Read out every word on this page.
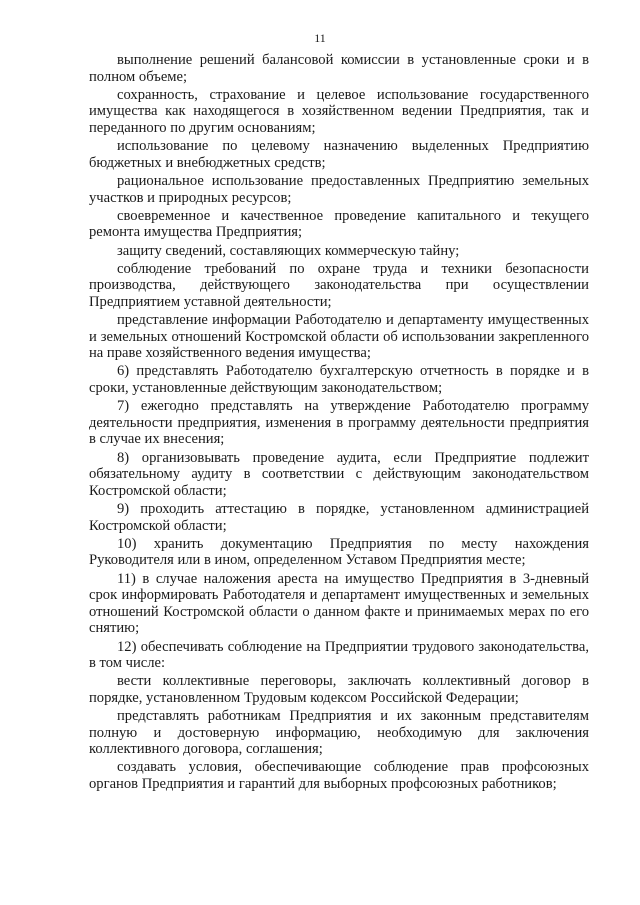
11

выполнение решений балансовой комиссии в установленные сроки и в полном объеме;

сохранность, страхование и целевое использование государственного имущества как находящегося в хозяйственном ведении Предприятия, так и переданного по другим основаниям;

использование по целевому назначению выделенных Предприятию бюджетных и внебюджетных средств;

рациональное использование предоставленных Предприятию земельных участков и природных ресурсов;

своевременное и качественное проведение капитального и текущего ремонта имущества Предприятия;

защиту сведений, составляющих коммерческую тайну;

соблюдение требований по охране труда и техники безопасности производства, действующего законодательства при осуществлении Предприятием уставной деятельности;

представление информации Работодателю и департаменту имущественных и земельных отношений Костромской области об использовании закрепленного на праве хозяйственного ведения имущества;

6) представлять Работодателю бухгалтерскую отчетность в порядке и в сроки, установленные действующим законодательством;

7) ежегодно представлять на утверждение Работодателю программу деятельности предприятия, изменения в программу деятельности предприятия в случае их внесения;

8) организовывать проведение аудита, если Предприятие подлежит обязательному аудиту в соответствии с действующим законодательством Костромской области;

9) проходить аттестацию в порядке, установленном администрацией Костромской области;

10) хранить документацию Предприятия по месту нахождения Руководителя или в ином, определенном Уставом Предприятия месте;

11) в случае наложения ареста на имущество Предприятия в 3-дневный срок информировать Работодателя и департамент имущественных и земельных отношений Костромской области о данном факте и принимаемых мерах по его снятию;

12) обеспечивать соблюдение на Предприятии трудового законодательства, в том числе:

вести коллективные переговоры, заключать коллективный договор в порядке, установленном Трудовым кодексом Российской Федерации;

представлять работникам Предприятия и их законным представителям полную и достоверную информацию, необходимую для заключения коллективного договора, соглашения;

создавать условия, обеспечивающие соблюдение прав профсоюзных органов Предприятия и гарантий для выборных профсоюзных работников;
